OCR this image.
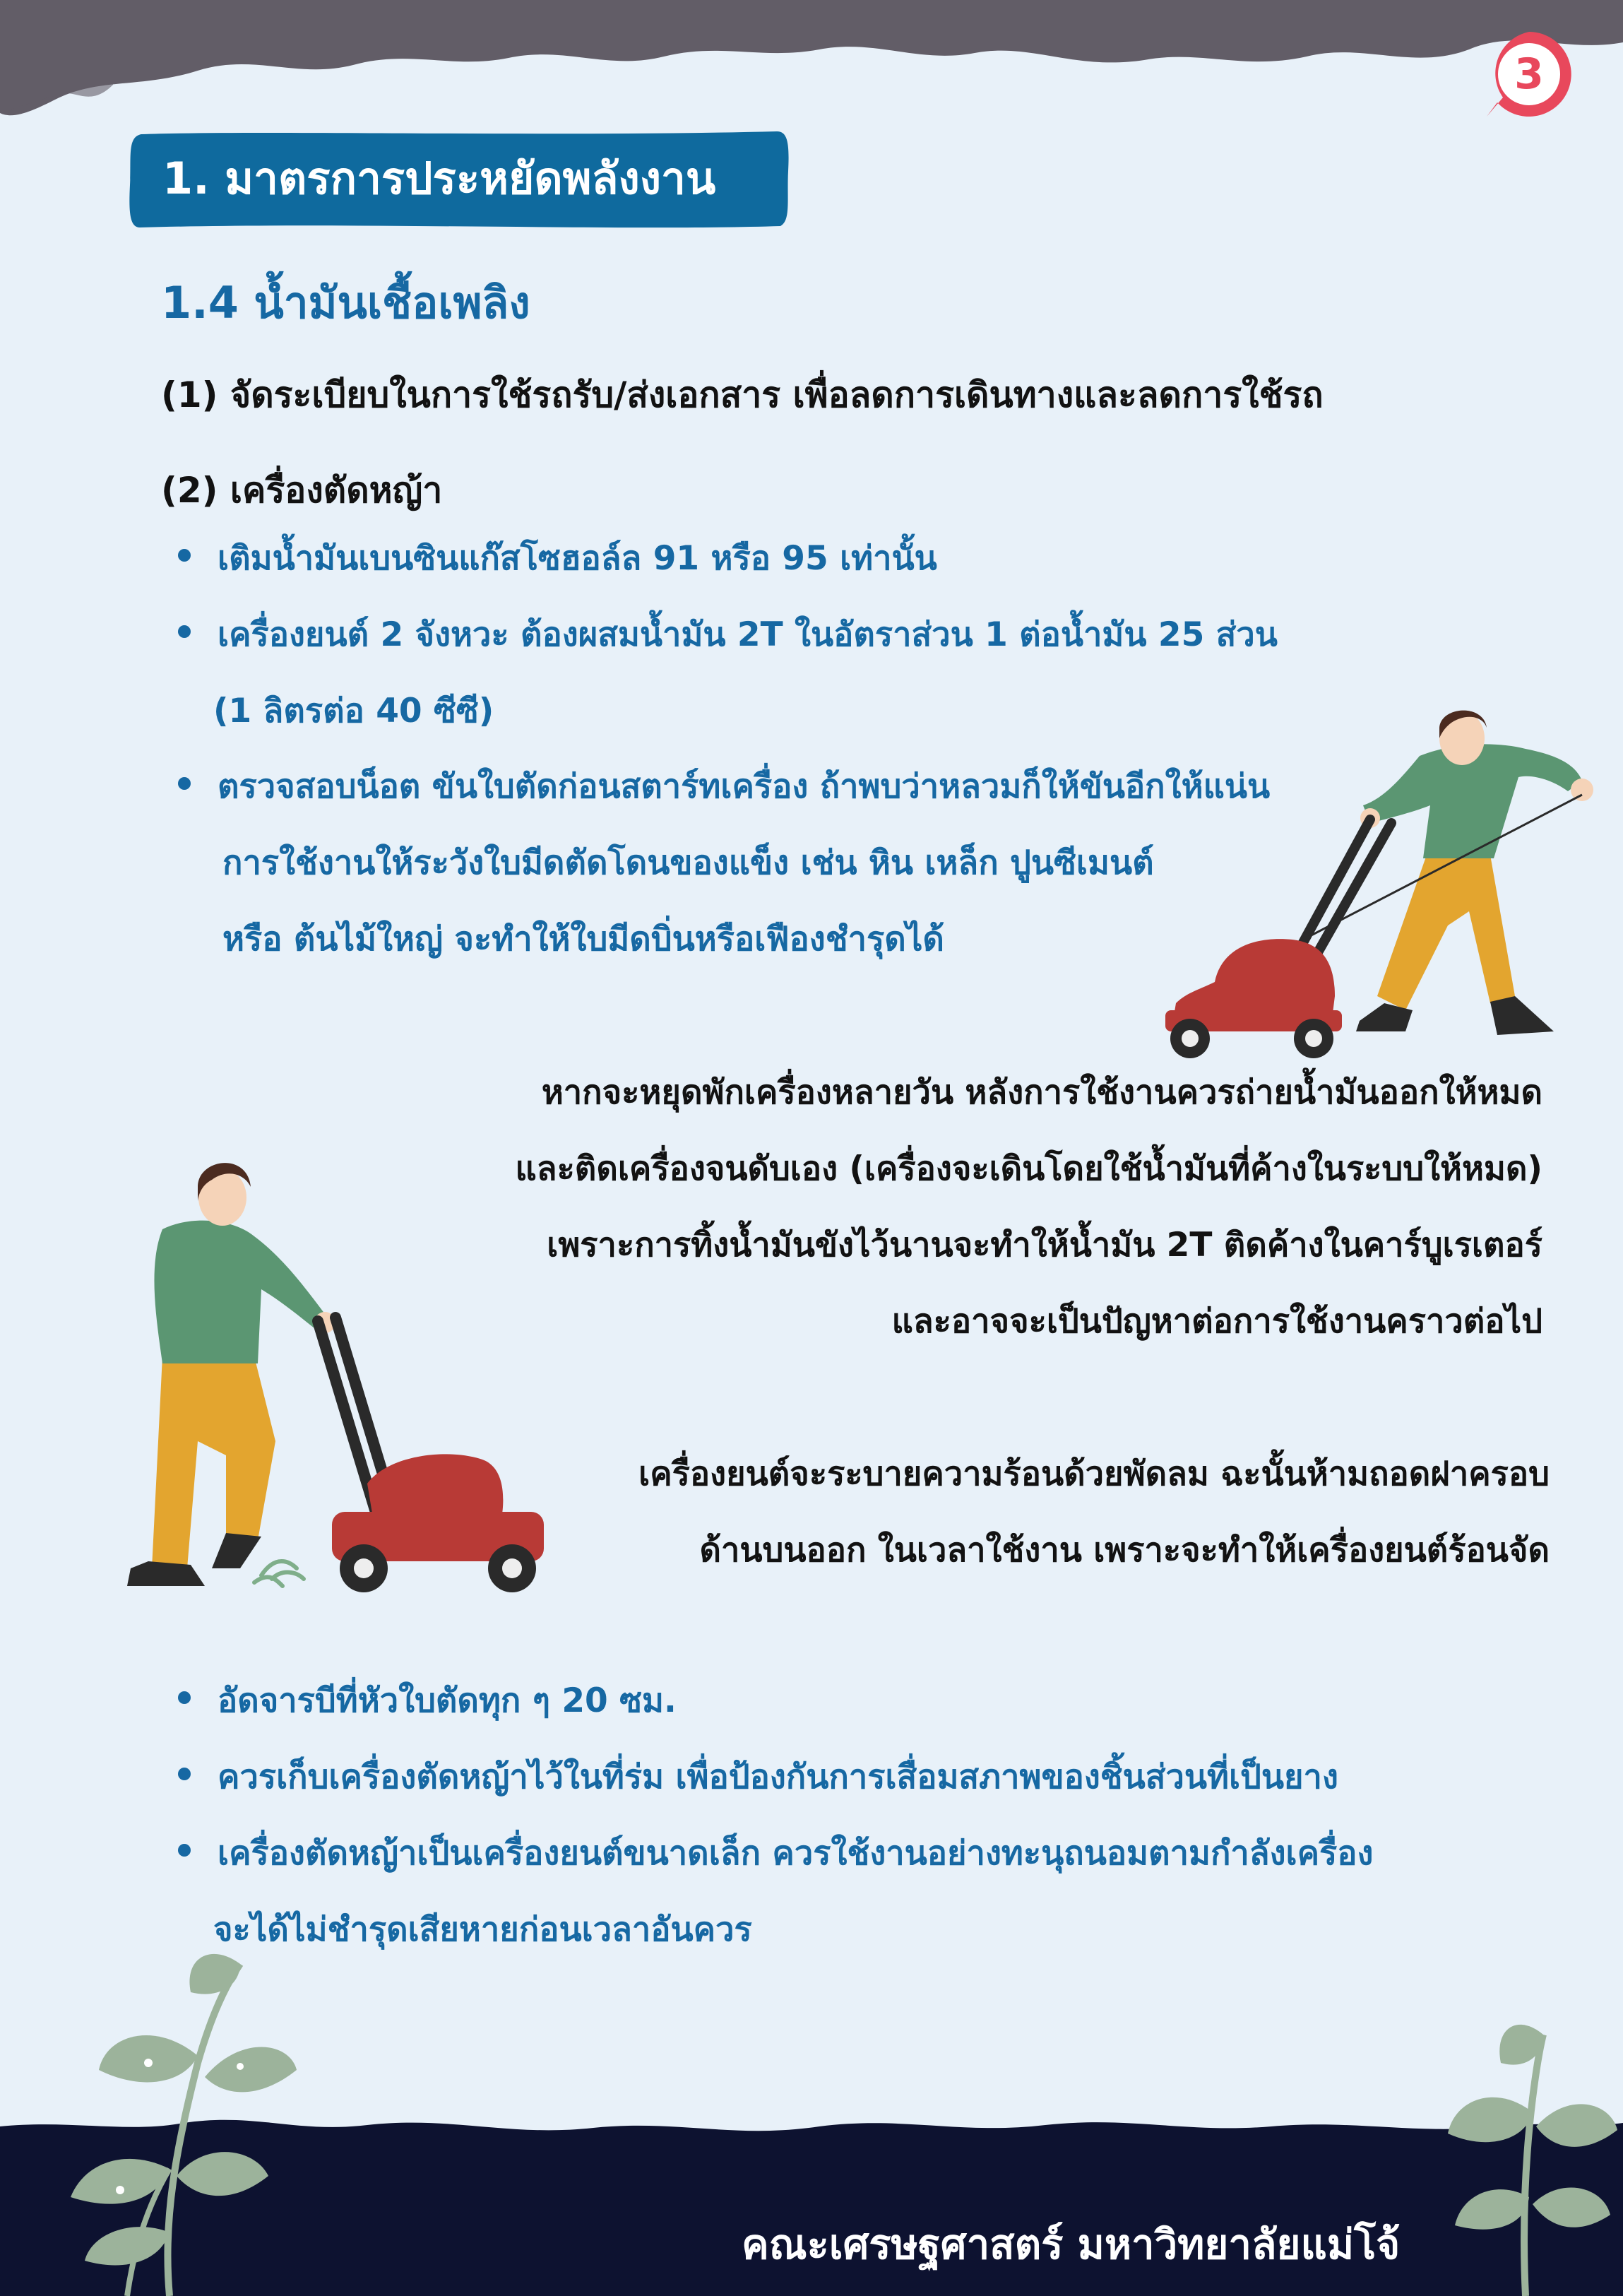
3
1. มาตรการประหยัดพลังงาน
1.4 น้ำมันเชื้อเพลิง
(1) จัดระเบียบในการใช้รถรับ/ส่งเอกสาร เพื่อลดการเดินทางและลดการใช้รถ
(2) เครื่องตัดหญ้า
เติมน้ำมันเบนซินแก๊สโซฮอล์ล 91 หรือ 95 เท่านั้น
เครื่องยนต์ 2 จังหวะ ต้องผสมน้ำมัน 2T ในอัตราส่วน 1 ต่อน้ำมัน 25 ส่วน
(1 ลิตรต่อ 40 ซีซี)
ตรวจสอบน็อต ขันใบตัดก่อนสตาร์ทเครื่อง ถ้าพบว่าหลวมก็ให้ขันอีกให้แน่น
การใช้งานให้ระวังใบมีดตัดโดนของแข็ง เช่น หิน เหล็ก ปูนซีเมนต์
หรือ ต้นไม้ใหญ่ จะทำให้ใบมีดบิ่นหรือเฟืองชำรุดได้
หากจะหยุดพักเครื่องหลายวัน หลังการใช้งานควรถ่ายน้ำมันออกให้หมด
และติดเครื่องจนดับเอง (เครื่องจะเดินโดยใช้น้ำมันที่ค้างในระบบให้หมด)
เพราะการทิ้งน้ำมันขังไว้นานจะทำให้น้ำมัน 2T ติดค้างในคาร์บูเรเตอร์
และอาจจะเป็นปัญหาต่อการใช้งานคราวต่อไป
เครื่องยนต์จะระบายความร้อนด้วยพัดลม ฉะนั้นห้ามถอดฝาครอบ
ด้านบนออก ในเวลาใช้งาน เพราะจะทำให้เครื่องยนต์ร้อนจัด
อัดจารบีที่หัวใบตัดทุก ๆ 20 ซม.
ควรเก็บเครื่องตัดหญ้าไว้ในที่ร่ม เพื่อป้องกันการเสื่อมสภาพของชิ้นส่วนที่เป็นยาง
เครื่องตัดหญ้าเป็นเครื่องยนต์ขนาดเล็ก ควรใช้งานอย่างทะนุถนอมตามกำลังเครื่อง
จะได้ไม่ชำรุดเสียหายก่อนเวลาอันควร
คณะเศรษฐศาสตร์ มหาวิทยาลัยแม่โจ้
